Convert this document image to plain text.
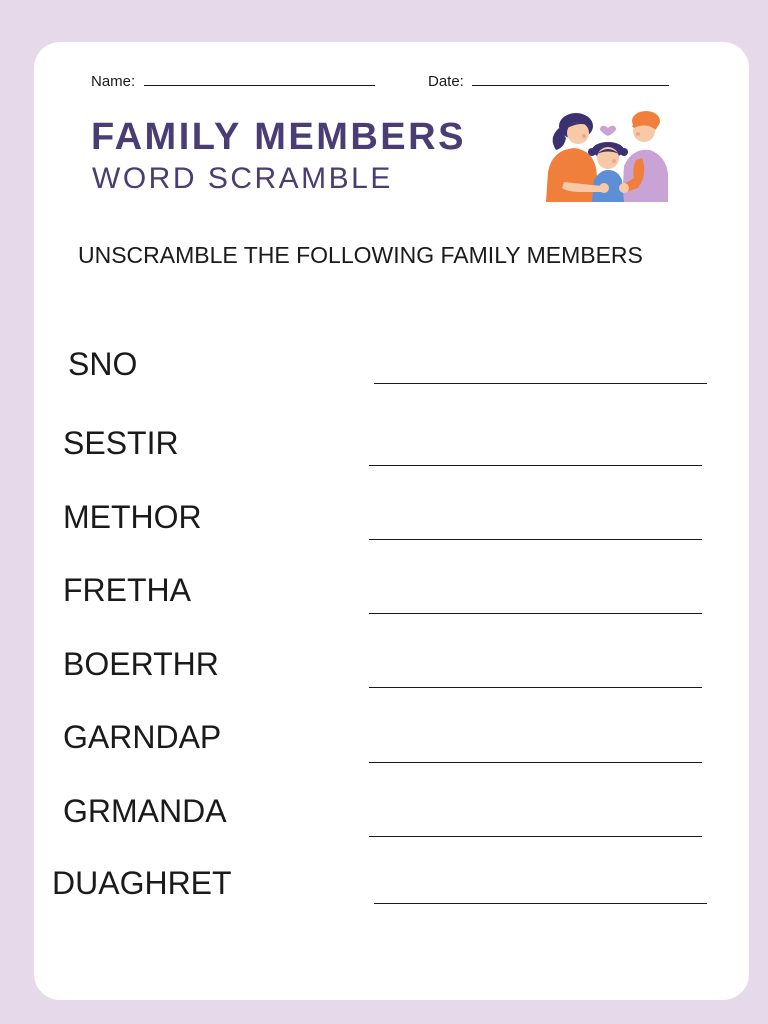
Name:	Date:
FAMILY MEMBERS
WORD SCRAMBLE
UNSCRAMBLE THE FOLLOWING FAMILY MEMBERS
SNO
SESTIR
METHOR
FRETHA
BOERTHR
GARNDAP
GRMANDA
DUAGHRET
